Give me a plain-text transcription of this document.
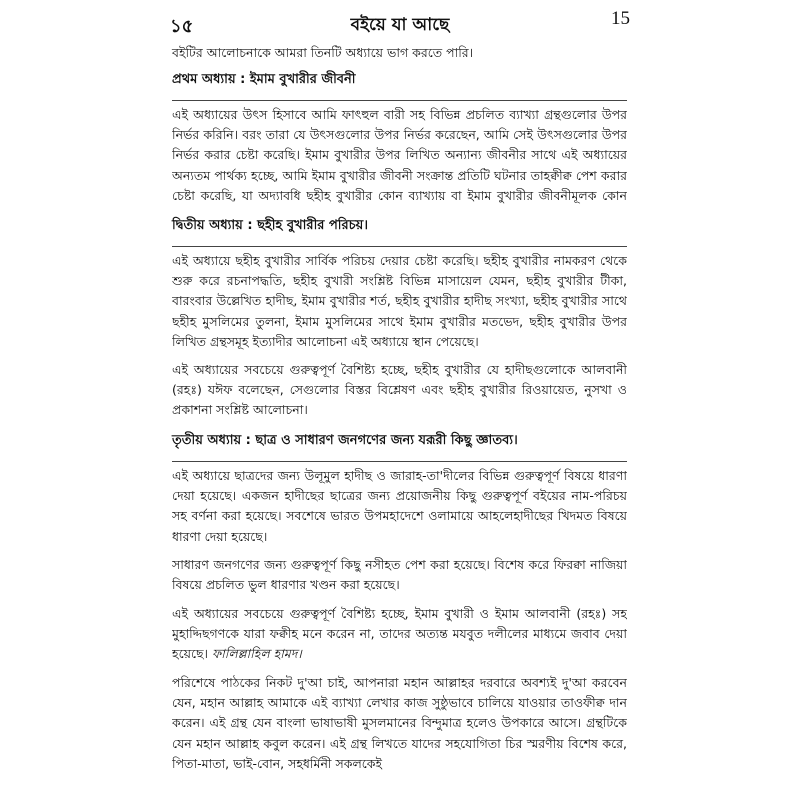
১৫	বইয়ে যা আছে	15

বইটির আলোচনাকে আমরা তিনটি অধ্যায়ে ভাগ করতে পারি।

প্রথম অধ্যায় : ইমাম বুখারীর জীবনী

এই অধ্যায়ের উৎস হিসাবে আমি ফাৎহুল বারী সহ বিভিন্ন প্রচলিত ব্যাখ্যা গ্রন্থগুলোর উপর নির্ভর করিনি। বরং তারা যে উৎসগুলোর উপর নির্ভর করেছেন, আমি সেই উৎসগুলোর উপর নির্ভর করার চেষ্টা করেছি। ইমাম বুখারীর উপর লিখিত অন্যান্য জীবনীর সাথে এই অধ্যায়ের অন্যতম পার্থক্য হচ্ছে, আমি ইমাম বুখারীর জীবনী সংক্রান্ত প্রতিটি ঘটনার তাহক্বীক্ব পেশ করার চেষ্টা করেছি, যা অদ্যাবধি ছহীহ বুখারীর কোন ব্যাখ্যায় বা ইমাম বুখারীর জীবনীমূলক কোন

দ্বিতীয় অধ্যায় : ছহীহ বুখারীর পরিচয়।

এই অধ্যায়ে ছহীহ বুখারীর সার্বিক পরিচয় দেয়ার চেষ্টা করেছি। ছহীহ বুখারীর নামকরণ থেকে শুরু করে রচনাপদ্ধতি, ছহীহ বুখারী সংশ্লিষ্ট বিভিন্ন মাসায়েল যেমন, ছহীহ বুখারীর টীকা, বারংবার উল্লেখিত হাদীছ, ইমাম বুখারীর শর্ত, ছহীহ বুখারীর হাদীছ সংখ্যা, ছহীহ বুখারীর সাথে ছহীহ মুসলিমের তুলনা, ইমাম মুসলিমের সাথে ইমাম বুখারীর মতভেদ, ছহীহ বুখারীর উপর লিখিত গ্রন্থসমূহ ইত্যাদীর আলোচনা এই অধ্যায়ে স্থান পেয়েছে।

এই অধ্যায়ের সবচেয়ে গুরুত্বপূর্ণ বৈশিষ্ট্য হচ্ছে, ছহীহ বুখারীর যে হাদীছগুলোকে আলবানী (রহঃ) যঈফ বলেছেন, সেগুলোর বিস্তর বিশ্লেষণ এবং ছহীহ বুখারীর রিওয়ায়েত, নুসখা ও প্রকাশনা সংশ্লিষ্ট আলোচনা।

তৃতীয় অধ্যায় : ছাত্র ও সাধারণ জনগণের জন্য যরূরী কিছু জ্ঞাতব্য।

এই অধ্যায়ে ছাত্রদের জন্য উলূমুল হাদীছ ও জারাহ-তা'দীলের বিভিন্ন গুরুত্বপূর্ণ বিষয়ে ধারণা দেয়া হয়েছে। একজন হাদীছের ছাত্রের জন্য প্রয়োজনীয় কিছু গুরুত্বপূর্ণ বইয়ের নাম-পরিচয় সহ বর্ণনা করা হয়েছে। সবশেষে ভারত উপমহাদেশে ওলামায়ে আহলেহাদীছের খিদমত বিষয়ে ধারণা দেয়া হয়েছে।

সাধারণ জনগণের জন্য গুরুত্বপূর্ণ কিছু নসীহত পেশ করা হয়েছে। বিশেষ করে ফিরক্বা নাজিয়া বিষয়ে প্রচলিত ভুল ধারণার খণ্ডন করা হয়েছে।

এই অধ্যায়ের সবচেয়ে গুরুত্বপূর্ণ বৈশিষ্ট্য হচ্ছে, ইমাম বুখারী ও ইমাম আলবানী (রহঃ) সহ মুহাদ্দিছগণকে যারা ফক্বীহ মনে করেন না, তাদের অত্যন্ত মযবুত দলীলের মাধ্যমে জবাব দেয়া হয়েছে। ফালিল্লাহিল হামদ।

পরিশেষে পাঠকের নিকট দু'আ চাই, আপনারা মহান আল্লাহর দরবারে অবশ্যই দু'আ করবেন যেন, মহান আল্লাহ আমাকে এই ব্যাখ্যা লেখার কাজ সুষ্ঠুভাবে চালিয়ে যাওয়ার তাওফীক্ব দান করেন। এই গ্রন্থ যেন বাংলা ভাষাভাষী মুসলমানের বিন্দুমাত্র হলেও উপকারে আসে। গ্রন্থটিকে যেন মহান আল্লাহ কবুল করেন। এই গ্রন্থ লিখতে যাদের সহযোগিতা চির স্মরণীয় বিশেষ করে, পিতা-মাতা, ভাই-বোন, সহধর্মিনী সকলকেই
